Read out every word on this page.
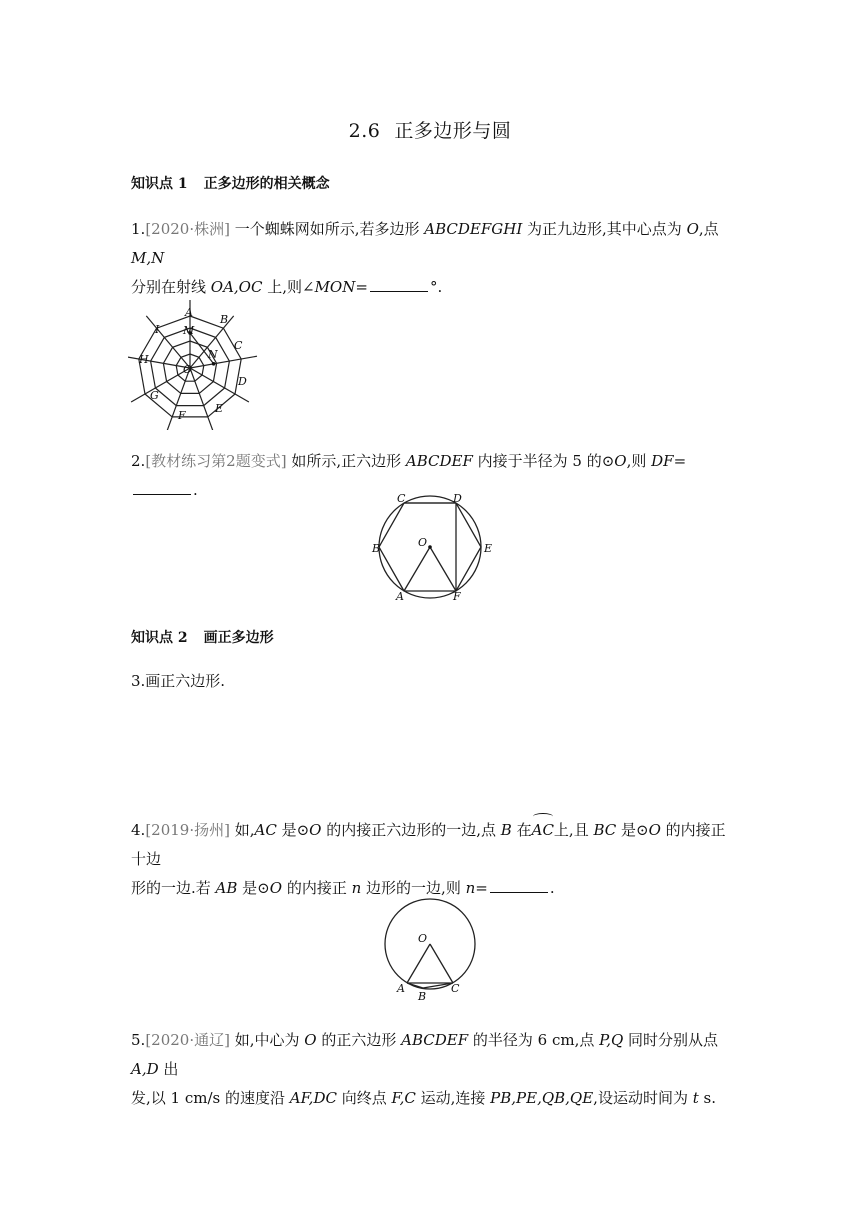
2.6 正多边形与圆
知识点 1 正多边形的相关概念
1.[2020·株洲] 一个蜘蛛网如所示,若多边形 ABCDEFGHI 为正九边形,其中心点为 O,点 M,N
分别在射线 OA,OC 上,则∠MON=	°.
A
B
C
D
E
F
G
H
I M
N
O
2.[教材练习第2题变式] 如所示,正六边形 ABCDEF 内接于半径为 5 的⊙O,则 DF=.
A
B
C	D
E
F
O
知识点 2 画正多边形
3.画正六边形.
4.[2019·扬州] 如,AC 是⊙O 的内接正六边形的一边,点 B 在AC上,且 BC 是⊙O 的内接正十边
形的一边.若 AB 是⊙O 的内接正 n 边形的一边,则 n=	.
A
B
C
O
5.[2020·通辽] 如,中心为 O 的正六边形 ABCDEF 的半径为 6 cm,点 P,Q 同时分别从点 A,D 出
发,以 1 cm/s 的速度沿 AF,DC 向终点 F,C 运动,连接 PB,PE,QB,QE,设运动时间为 t s.
